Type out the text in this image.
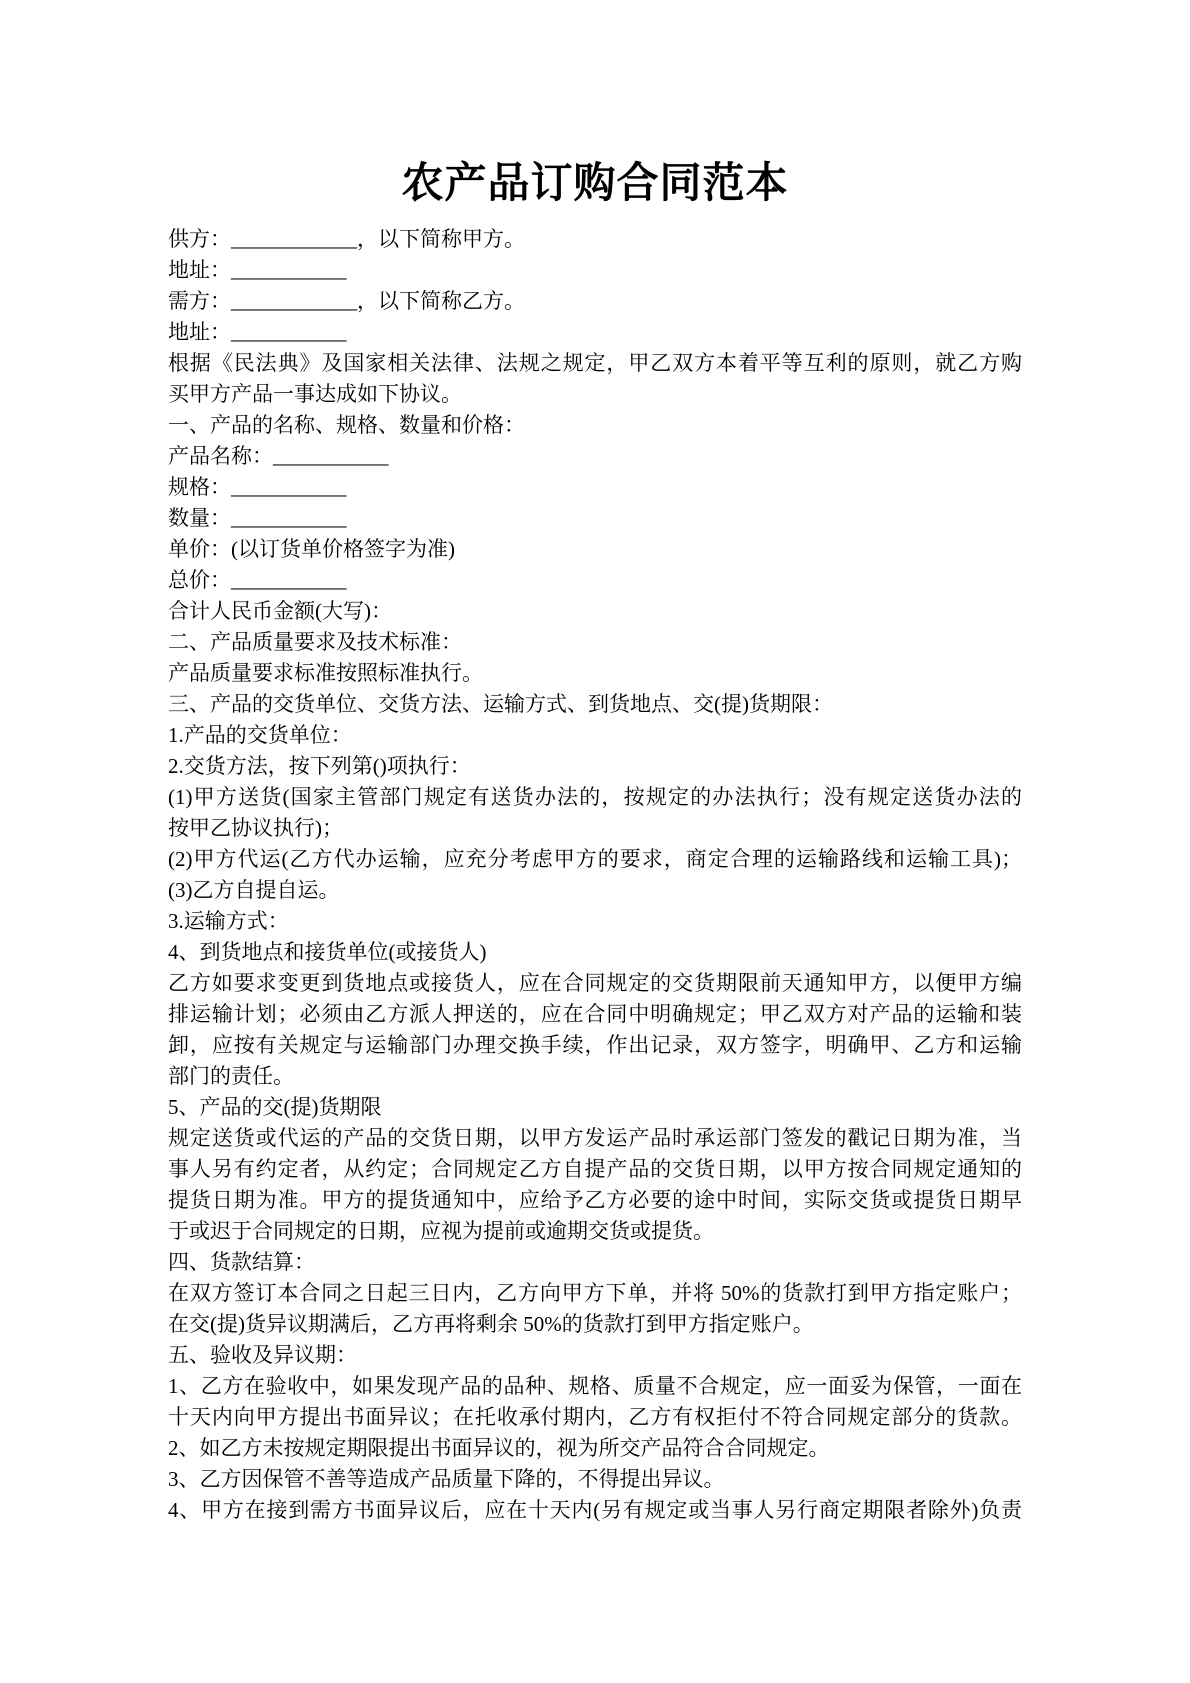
农产品订购合同范本
供方：____________，以下简称甲方。
地址：___________
需方：____________，以下简称乙方。
地址：___________
根据《民法典》及国家相关法律、法规之规定，甲乙双方本着平等互利的原则，就乙方购
买甲方产品一事达成如下协议。
一、产品的名称、规格、数量和价格：
产品名称：___________
规格：___________
数量：___________
单价：(以订货单价格签字为准)
总价：___________
合计人民币金额(大写)：
二、产品质量要求及技术标准：
产品质量要求标准按照标准执行。
三、产品的交货单位、交货方法、运输方式、到货地点、交(提)货期限：
1.产品的交货单位：
2.交货方法，按下列第()项执行：
(1)甲方送货(国家主管部门规定有送货办法的，按规定的办法执行；没有规定送货办法的
按甲乙协议执行)；
(2)甲方代运(乙方代办运输，应充分考虑甲方的要求，商定合理的运输路线和运输工具)；
(3)乙方自提自运。
3.运输方式：
4、到货地点和接货单位(或接货人)
乙方如要求变更到货地点或接货人，应在合同规定的交货期限前天通知甲方，以便甲方编
排运输计划；必须由乙方派人押送的，应在合同中明确规定；甲乙双方对产品的运输和装
卸，应按有关规定与运输部门办理交换手续，作出记录，双方签字，明确甲、乙方和运输
部门的责任。
5、产品的交(提)货期限
规定送货或代运的产品的交货日期，以甲方发运产品时承运部门签发的戳记日期为准，当
事人另有约定者，从约定；合同规定乙方自提产品的交货日期，以甲方按合同规定通知的
提货日期为准。甲方的提货通知中，应给予乙方必要的途中时间，实际交货或提货日期早
于或迟于合同规定的日期，应视为提前或逾期交货或提货。
四、货款结算：
在双方签订本合同之日起三日内，乙方向甲方下单，并将 50%的货款打到甲方指定账户；
在交(提)货异议期满后，乙方再将剩余 50%的货款打到甲方指定账户。
五、验收及异议期：
1、乙方在验收中，如果发现产品的品种、规格、质量不合规定，应一面妥为保管，一面在
十天内向甲方提出书面异议；在托收承付期内，乙方有权拒付不符合同规定部分的货款。
2、如乙方未按规定期限提出书面异议的，视为所交产品符合合同规定。
3、乙方因保管不善等造成产品质量下降的，不得提出异议。
4、甲方在接到需方书面异议后，应在十天内(另有规定或当事人另行商定期限者除外)负责
